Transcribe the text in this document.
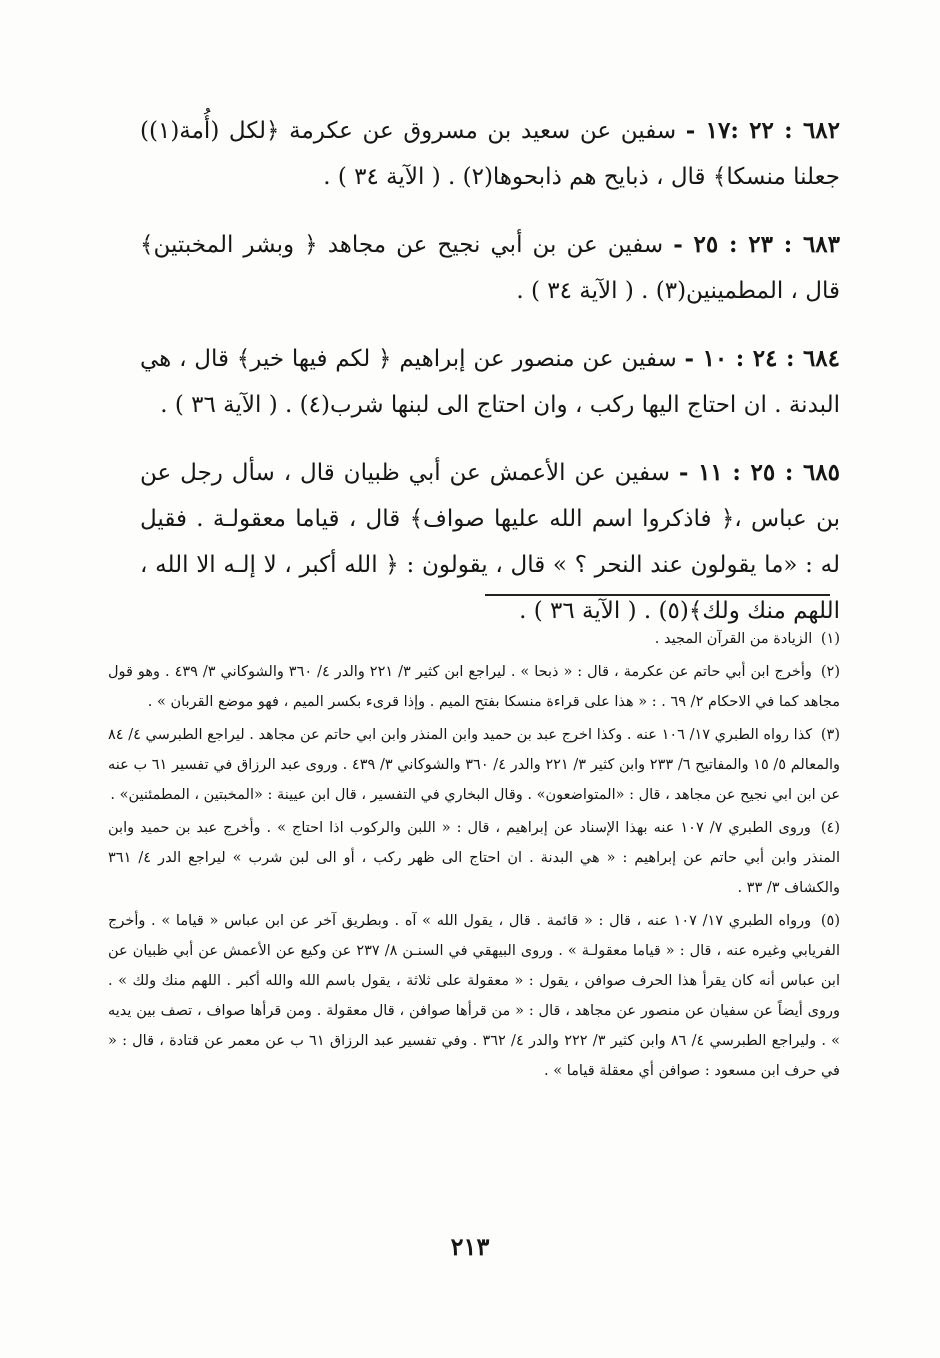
٦٨٢ : ٢٢ :١٧ - سفين عن سعيد بن مسروق عن عكرمة ﴿لكل (أُمة(١)) جعلنا منسكا﴾ قال ، ذبايح هم ذابحوها(٢) . ( الآية ٣٤ ) .

٦٨٣ : ٢٣ : ٢٥ - سفين عن بن أبي نجيح عن مجاهد ﴿ وبشر المخبتين﴾ قال ، المطمينين(٣) . ( الآية ٣٤ ) .

٦٨٤ : ٢٤ : ١٠ - سفين عن منصور عن إبراهيم ﴿ لكم فيها خير﴾ قال ، هي البدنة . ان احتاج اليها ركب ، وان احتاج الى لبنها شرب(٤) . ( الآية ٣٦ ) .

٦٨٥ : ٢٥ : ١١ - سفين عن الأعمش عن أبي ظبيان قال ، سأل رجل عن بن عباس ،﴿ فاذكروا اسم الله عليها صواف﴾ قال ، قياما معقولـة . فقيل له : «ما يقولون عند النحر ؟ » قال ، يقولون : ﴿ الله أكبر ، لا إلـه الا الله ، اللهم منك ولك﴾(٥) . ( الآية ٣٦ ) .

(١) الزيادة من القرآن المجيد .

(٢) وأخرج ابن أبي حاتم عن عكرمة ، قال : « ذبحا » . ليراجع ابن كثير ٣/ ٢٢١ والدر ٤/ ٣٦٠ والشوكاني ٣/ ٤٣٩ . وهو قول مجاهد كما في الاحكام ٢/ ٦٩ . : « هذا على قراءة منسكا بفتح الميم . وإذا قرىء بكسر الميم ، فهو موضع القربان » .

(٣) كذا رواه الطبري ١٧/ ١٠٦ عنه . وكذا اخرج عبد بن حميد وابن المنذر وابن ابي حاتم عن مجاهد . ليراجع الطبرسي ٤/ ٨٤ والمعالم ٥/ ١٥ والمفاتيح ٦/ ٢٣٣ وابن كثير ٣/ ٢٢١ والدر ٤/ ٣٦٠ والشوكاني ٣/ ٤٣٩ . وروى عبد الرزاق في تفسير ٦١ ب عنه عن ابن ابي نجيح عن مجاهد ، قال : «المتواضعون» . وقال البخاري في التفسير ، قال ابن عيينة : «المخبتين ، المطمئنين» .

(٤) وروى الطبري ٧/ ١٠٧ عنه بهذا الإسناد عن إبراهيم ، قال : « اللبن والركوب اذا احتاج » . وأخرج عبد بن حميد وابن المنذر وابن أبي حاتم عن إبراهيم : « هي البدنة . ان احتاج الى ظهر ركب ، أو الى لبن شرب » ليراجع الدر ٤/ ٣٦١ والكشاف ٣/ ٣٣ .

(٥) ورواه الطبري ١٧/ ١٠٧ عنه ، قال : « قائمة . قال ، يقول الله » آه . وبطريق آخر عن ابن عباس « قياما » . وأخرج الفريابي وغيره عنه ، قال : « قياما معقولـة » . وروى البيهقي في السنـن ٨/ ٢٣٧ عن وكيع عن الأعمش عن أبي ظبيان عن ابن عباس أنه كان يقرأ هذا الحرف صوافن ، يقول : « معقولة على ثلاثة ، يقول باسم الله والله أكبر . اللهم منك ولك » . وروى أيضاً عن سفيان عن منصور عن مجاهد ، قال : « من قرأها صوافن ، قال معقولة . ومن قرأها صواف ، تصف بين يديه » . وليراجع الطبرسي ٤/ ٨٦ وابن كثير ٣/ ٢٢٢ والدر ٤/ ٣٦٢ . وفي تفسير عبد الرزاق ٦١ ب عن معمر عن قتادة ، قال : « في حرف ابن مسعود : صوافن أي معقلة قياما » .

٢١٣
